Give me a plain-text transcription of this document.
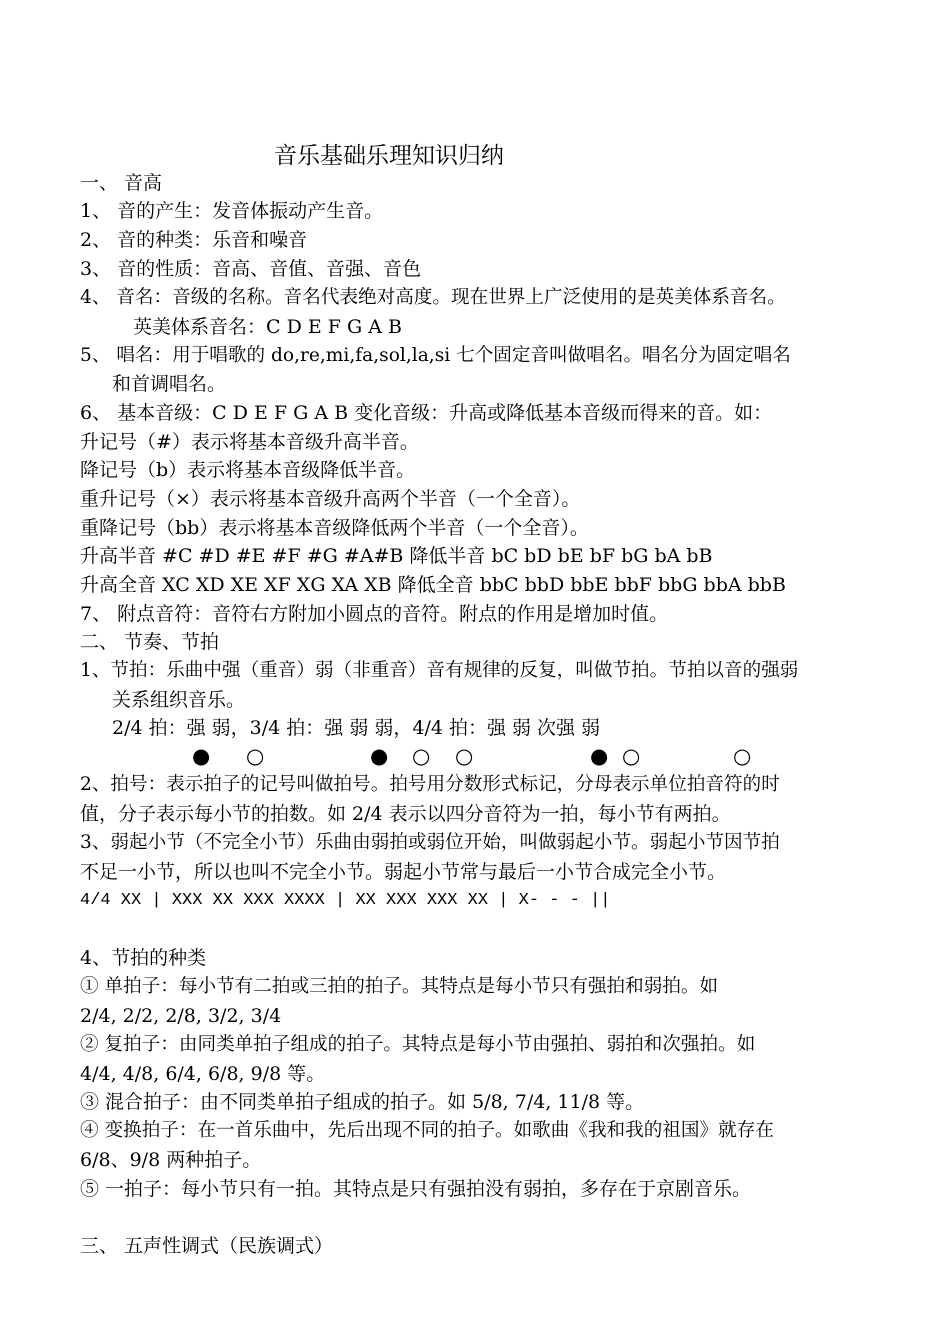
音乐基础乐理知识归纳
一、 音高
1、 音的产生：发音体振动产生音。
2、 音的种类：乐音和噪音
3、 音的性质：音高、音值、音强、音色
4、 音名：音级的名称。音名代表绝对高度。现在世界上广泛使用的是英美体系音名。
英美体系音名：C D E F G A B
5、 唱名：用于唱歌的 do,re,mi,fa,sol,la,si 七个固定音叫做唱名。唱名分为固定唱名
和首调唱名。
6、 基本音级：C D E F G A B 变化音级：升高或降低基本音级而得来的音。如：
升记号（#）表示将基本音级升高半音。
降记号（b）表示将基本音级降低半音。
重升记号（×）表示将基本音级升高两个半音（一个全音）。
重降记号（bb）表示将基本音级降低两个半音（一个全音）。
升高半音 #C #D #E #F #G #A#B 降低半音 bC bD bE bF bG bA bB
升高全音 XC XD XE XF XG XA XB 降低全音 bbC bbD bbE bbF bbG bbA bbB
7、 附点音符：音符右方附加小圆点的音符。附点的作用是增加时值。
二、 节奏、节拍
1、节拍：乐曲中强（重音）弱（非重音）音有规律的反复，叫做节拍。节拍以音的强弱
关系组织音乐。
2/4 拍：强 弱，3/4 拍：强 弱 弱，4/4 拍：强 弱 次强 弱
● ○	● ○ ○	● ○	○
2、拍号：表示拍子的记号叫做拍号。拍号用分数形式标记，分母表示单位拍音符的时
值，分子表示每小节的拍数。如 2/4 表示以四分音符为一拍，每小节有两拍。
3、弱起小节（不完全小节）乐曲由弱拍或弱位开始，叫做弱起小节。弱起小节因节拍
不足一小节，所以也叫不完全小节。弱起小节常与最后一小节合成完全小节。
4/4 XX | XXX XX XXX XXXX | XX XXX XXX XX | X- - - ||
4、节拍的种类
① 单拍子：每小节有二拍或三拍的拍子。其特点是每小节只有强拍和弱拍。如
2/4, 2/2, 2/8, 3/2, 3/4
② 复拍子：由同类单拍子组成的拍子。其特点是每小节由强拍、弱拍和次强拍。如
4/4, 4/8, 6/4, 6/8, 9/8 等。
③ 混合拍子：由不同类单拍子组成的拍子。如 5/8, 7/4, 11/8 等。
④ 变换拍子：在一首乐曲中，先后出现不同的拍子。如歌曲《我和我的祖国》就存在
6/8、9/8 两种拍子。
⑤ 一拍子：每小节只有一拍。其特点是只有强拍没有弱拍，多存在于京剧音乐。
三、 五声性调式（民族调式）
